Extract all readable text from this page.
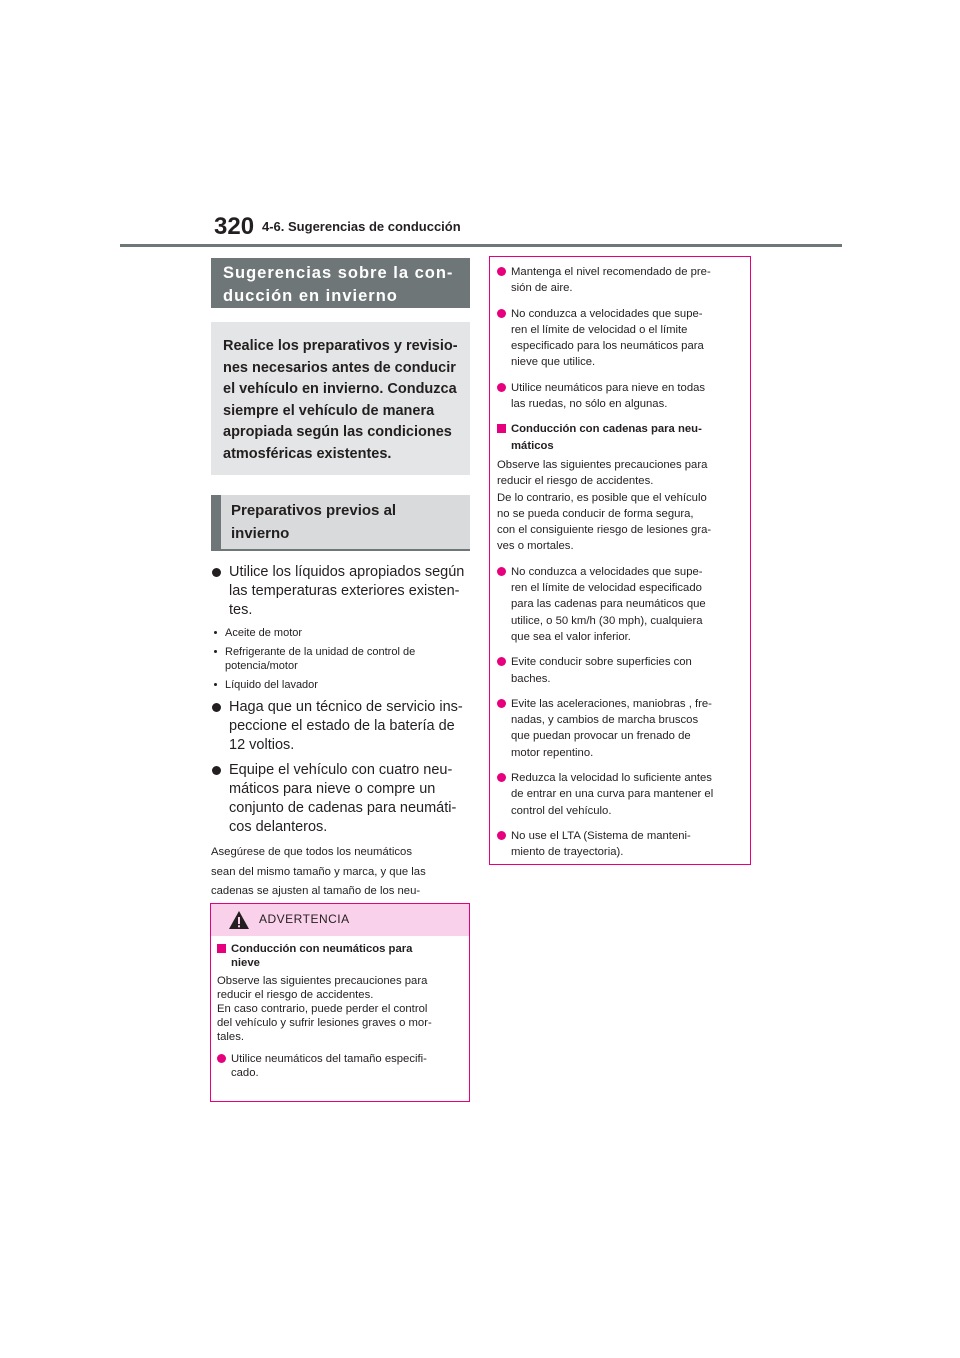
320 4-6. Sugerencias de conducción
Sugerencias sobre la con-
ducción en invierno
Realice los preparativos y revisio-
nes necesarios antes de conducir
el vehículo en invierno. Conduzca
siempre el vehículo de manera
apropiada según las condiciones
atmosféricas existentes.
Preparativos previos al
invierno
Utilice los líquidos apropiados según
las temperaturas exteriores existen-
tes.
Aceite de motor
Refrigerante de la unidad de control de
potencia/motor
Líquido del lavador
Haga que un técnico de servicio ins-
peccione el estado de la batería de
12 voltios.
Equipe el vehículo con cuatro neu-
máticos para nieve o compre un
conjunto de cadenas para neumáti-
cos delanteros.
Asegúrese de que todos los neumáticos
sean del mismo tamaño y marca, y que las
cadenas se ajusten al tamaño de los neu-

ADVERTENCIA
Conducción con neumáticos para
nieve
Observe las siguientes precauciones para
reducir el riesgo de accidentes.
En caso contrario, puede perder el control
del vehículo y sufrir lesiones graves o mor-
tales.
Utilice neumáticos del tamaño especifi-
cado.
Mantenga el nivel recomendado de pre-
sión de aire.
No conduzca a velocidades que supe-
ren el límite de velocidad o el límite
especificado para los neumáticos para
nieve que utilice.
Utilice neumáticos para nieve en todas
las ruedas, no sólo en algunas.
Conducción con cadenas para neu-
máticos
Observe las siguientes precauciones para
reducir el riesgo de accidentes.
De lo contrario, es posible que el vehículo
no se pueda conducir de forma segura,
con el consiguiente riesgo de lesiones gra-
ves o mortales.
No conduzca a velocidades que supe-
ren el límite de velocidad especificado
para las cadenas para neumáticos que
utilice, o 50 km/h (30 mph), cualquiera
que sea el valor inferior.
Evite conducir sobre superficies con
baches.
Evite las aceleraciones, maniobras , fre-
nadas, y cambios de marcha bruscos
que puedan provocar un frenado de
motor repentino.
Reduzca la velocidad lo suficiente antes
de entrar en una curva para mantener el
control del vehículo.
No use el LTA (Sistema de manteni-
miento de trayectoria).
